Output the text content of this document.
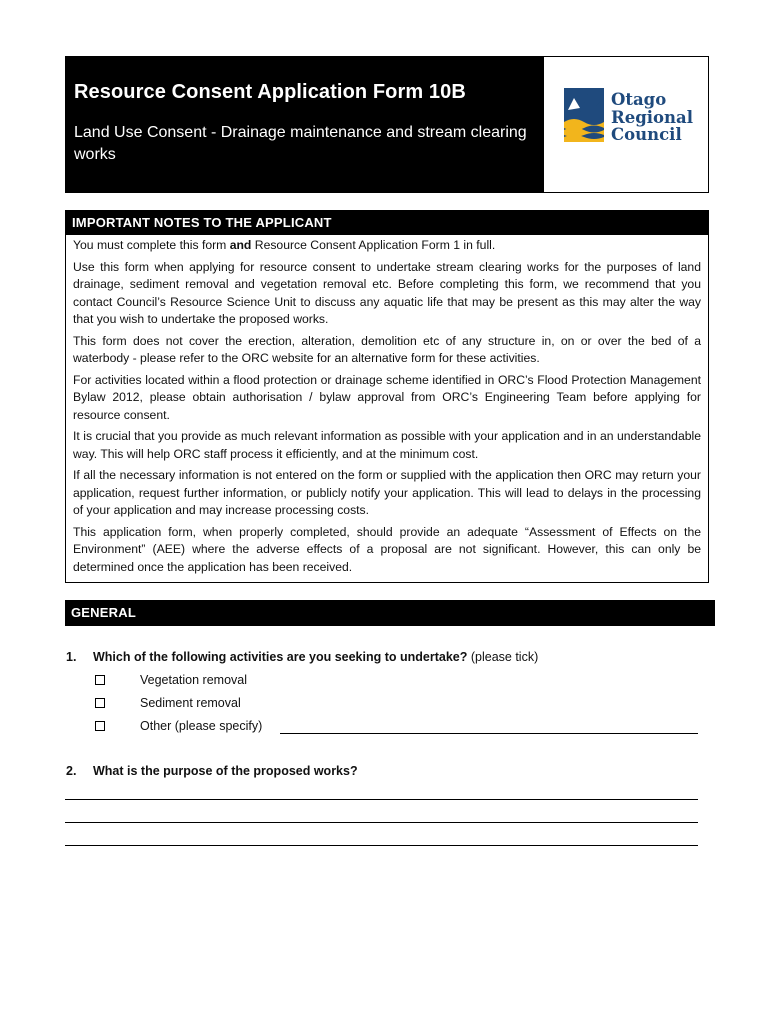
Resource Consent Application Form 10B
Land Use Consent - Drainage maintenance and stream clearing works
Otago
Regional
Council
IMPORTANT NOTES TO THE APPLICANT

You must complete this form and Resource Consent Application Form 1 in full.

Use this form when applying for resource consent to undertake stream clearing works for the purposes of land drainage, sediment removal and vegetation removal etc. Before completing this form, we recommend that you contact Council’s Resource Science Unit to discuss any aquatic life that may be present as this may alter the way that you wish to undertake the proposed works.

This form does not cover the erection, alteration, demolition etc of any structure in, on or over the bed of a waterbody - please refer to the ORC website for an alternative form for these activities.

For activities located within a flood protection or drainage scheme identified in ORC’s Flood Protection Management Bylaw 2012, please obtain authorisation / bylaw approval from ORC’s Engineering Team before applying for resource consent.

It is crucial that you provide as much relevant information as possible with your application and in an understandable way. This will help ORC staff process it efficiently, and at the minimum cost.

If all the necessary information is not entered on the form or supplied with the application then ORC may return your application, request further information, or publicly notify your application. This will lead to delays in the processing of your application and may increase processing costs.

This application form, when properly completed, should provide an adequate “Assessment of Effects on the Environment” (AEE) where the adverse effects of a proposal are not significant. However, this can only be determined once the application has been received.

GENERAL
1. Which of the following activities are you seeking to undertake? (please tick)
Vegetation removal
Sediment removal
Other (please specify)
2. What is the purpose of the proposed works?
